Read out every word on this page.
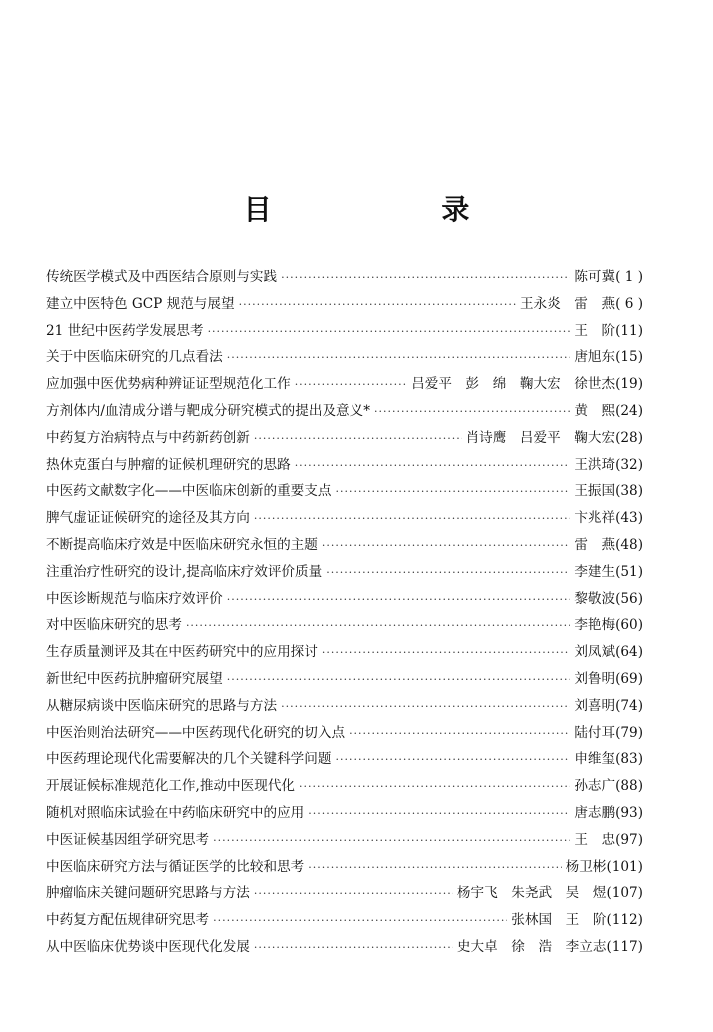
目 录
传统医学模式及中西医结合原则与实践 ·····	陈可冀 ( 1 )
建立中医特色 GCP 规范与展望 ·····	王永炎　雷　燕 ( 6 )
21 世纪中医药学发展思考 ·····	王　阶 (11)
关于中医临床研究的几点看法 ·····	唐旭东 (15)
应加强中医优势病种辨证证型规范化工作 ·····	吕爱平　彭　绵　鞠大宏　徐世杰 (19)
方剂体内/血清成分谱与靶成分研究模式的提出及意义* ·····	黄　熙 (24)
中药复方治病特点与中药新药创新 ·····	肖诗鹰　吕爱平　鞠大宏 (28)
热休克蛋白与肿瘤的证候机理研究的思路 ·····	王洪琦 (32)
中医药文献数字化——中医临床创新的重要支点 ·····	王振国 (38)
脾气虚证证候研究的途径及其方向 ·····	卞兆祥 (43)
不断提高临床疗效是中医临床研究永恒的主题 ·····	雷　燕 (48)
注重治疗性研究的设计,提高临床疗效评价质量 ·····	李建生 (51)
中医诊断规范与临床疗效评价 ·····	黎敬波 (56)
对中医临床研究的思考 ·····	李艳梅 (60)
生存质量测评及其在中医药研究中的应用探讨 ·····	刘凤斌 (64)
新世纪中医药抗肿瘤研究展望 ·····	刘鲁明 (69)
从糖尿病谈中医临床研究的思路与方法 ·····	刘喜明 (74)
中医治则治法研究——中医药现代化研究的切入点 ·····	陆付耳 (79)
中医药理论现代化需要解决的几个关键科学问题 ·····	申维玺 (83)
开展证候标准规范化工作,推动中医现代化 ·····	孙志广 (88)
随机对照临床试验在中药临床研究中的应用 ·····	唐志鹏 (93)
中医证候基因组学研究思考 ·····	王　忠 (97)
中医临床研究方法与循证医学的比较和思考 ·····	杨卫彬 (101)
肿瘤临床关键问题研究思路与方法 ·····	杨宇飞　朱尧武　吴　煜 (107)
中药复方配伍规律研究思考 ·····	张林国　王　阶 (112)
从中医临床优势谈中医现代化发展 ·····	史大卓　徐　浩　李立志 (117)
